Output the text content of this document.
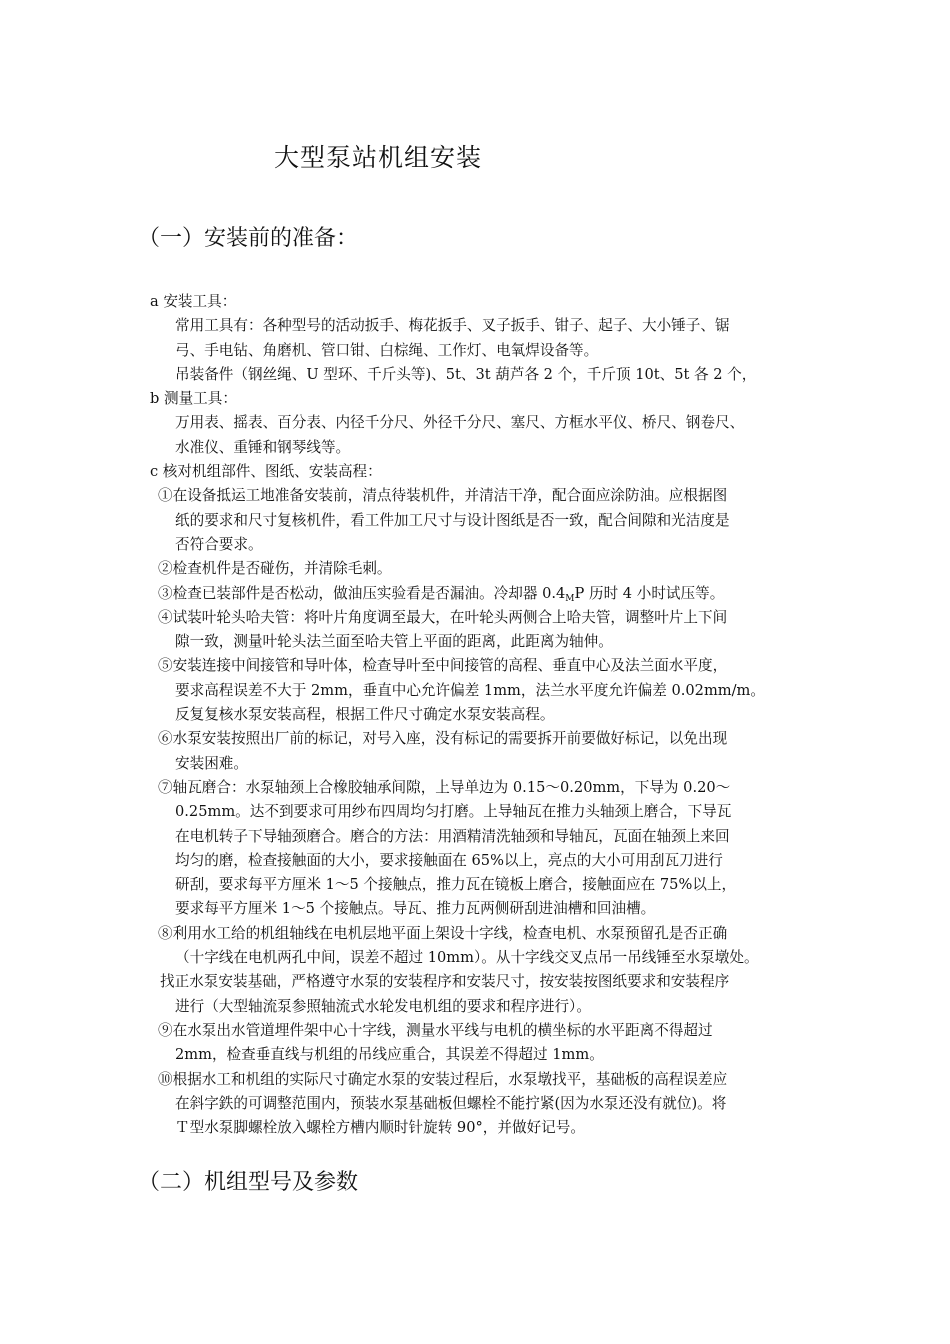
大型泵站机组安装
（一）安装前的准备：
a 安装工具：
常用工具有：各种型号的活动扳手、梅花扳手、叉子扳手、钳子、起子、大小锤子、锯
弓、手电钻、角磨机、管口钳、白棕绳、工作灯、电氧焊设备等。
吊装备件（钢丝绳、U 型环、千斤头等)、5t、3t 葫芦各 2 个，千斤顶 10t、5t 各 2 个，
b 测量工具：
万用表、摇表、百分表、内径千分尺、外径千分尺、塞尺、方框水平仪、桥尺、钢卷尺、
水准仪、重锤和钢琴线等。
c 核对机组部件、图纸、安装高程：
①在设备抵运工地准备安装前，清点待装机件，并清洁干净，配合面应涂防油。应根据图
纸的要求和尺寸复核机件，看工件加工尺寸与设计图纸是否一致，配合间隙和光洁度是
否符合要求。
②检查机件是否碰伤，并清除毛刺。
③检查已装部件是否松动，做油压实验看是否漏油。冷却器 $0.4_MP$ 历时 4 小时试压等。
④试装叶轮头哈夫管：将叶片角度调至最大，在叶轮头两侧合上哈夫管，调整叶片上下间
隙一致，测量叶轮头法兰面至哈夫管上平面的距离，此距离为轴伸。
⑤安装连接中间接管和导叶体，检查导叶至中间接管的高程、垂直中心及法兰面水平度，
要求高程误差不大于 2mm，垂直中心允许偏差 1mm，法兰水平度允许偏差 0.02mm/m。
反复复核水泵安装高程，根据工件尺寸确定水泵安装高程。
⑥水泵安装按照出厂前的标记，对号入座，没有标记的需要拆开前要做好标记，以免出现
安装困难。
⑦轴瓦磨合：水泵轴颈上合橡胶轴承间隙，上导单边为 0.15～0.20mm，下导为 0.20～
0.25mm。达不到要求可用纱布四周均匀打磨。上导轴瓦在推力头轴颈上磨合，下导瓦
在电机转子下导轴颈磨合。磨合的方法：用酒精清洗轴颈和导轴瓦，瓦面在轴颈上来回
均匀的磨，检查接触面的大小，要求接触面在 65%以上，亮点的大小可用刮瓦刀进行
研刮，要求每平方厘米 1～5 个接触点，推力瓦在镜板上磨合，接触面应在 75%以上，
要求每平方厘米 1～5 个接触点。导瓦、推力瓦两侧研刮进油槽和回油槽。
⑧利用水工给的机组轴线在电机层地平面上架设十字线，检查电机、水泵预留孔是否正确
（十字线在电机两孔中间，误差不超过 10mm）。从十字线交叉点吊一吊线锤至水泵墩处。
找正水泵安装基础，严格遵守水泵的安装程序和安装尺寸，按安装按图纸要求和安装程序
进行（大型轴流泵参照轴流式水轮发电机组的要求和程序进行）。
⑨在水泵出水管道埋件架中心十字线，测量水平线与电机的横坐标的水平距离不得超过
2mm，检查垂直线与机组的吊线应重合，其误差不得超过 1mm。
⑩根据水工和机组的实际尺寸确定水泵的安装过程后，水泵墩找平，基础板的高程误差应
在斜字鉄的可调整范围内，预装水泵基础板但螺栓不能拧紧(因为水泵还没有就位)。将
Ｔ型水泵脚螺栓放入螺栓方槽内顺时针旋转 90°，并做好记号。
（二）机组型号及参数
